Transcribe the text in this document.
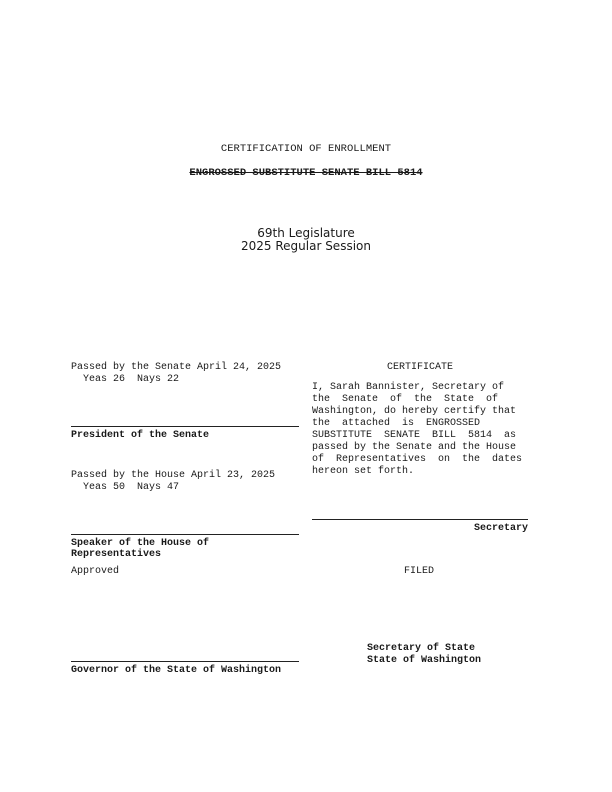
CERTIFICATION OF ENROLLMENT
ENGROSSED SUBSTITUTE SENATE BILL 5814
69th Legislature
2025 Regular Session
Passed by the Senate April 24, 2025
Yeas 26  Nays 22
President of the Senate
Passed by the House April 23, 2025
Yeas 50  Nays 47
Speaker of the House of
Representatives
Approved
Governor of the State of Washington
CERTIFICATE

I, Sarah Bannister, Secretary of

the  Senate  of  the  State  of

Washington, do hereby certify that

the  attached  is  ENGROSSED

SUBSTITUTE  SENATE  BILL  5814  as

passed by the Senate and the House

of  Representatives  on  the  dates

hereon set forth.

Secretary
FILED
Secretary of State
State of Washington
